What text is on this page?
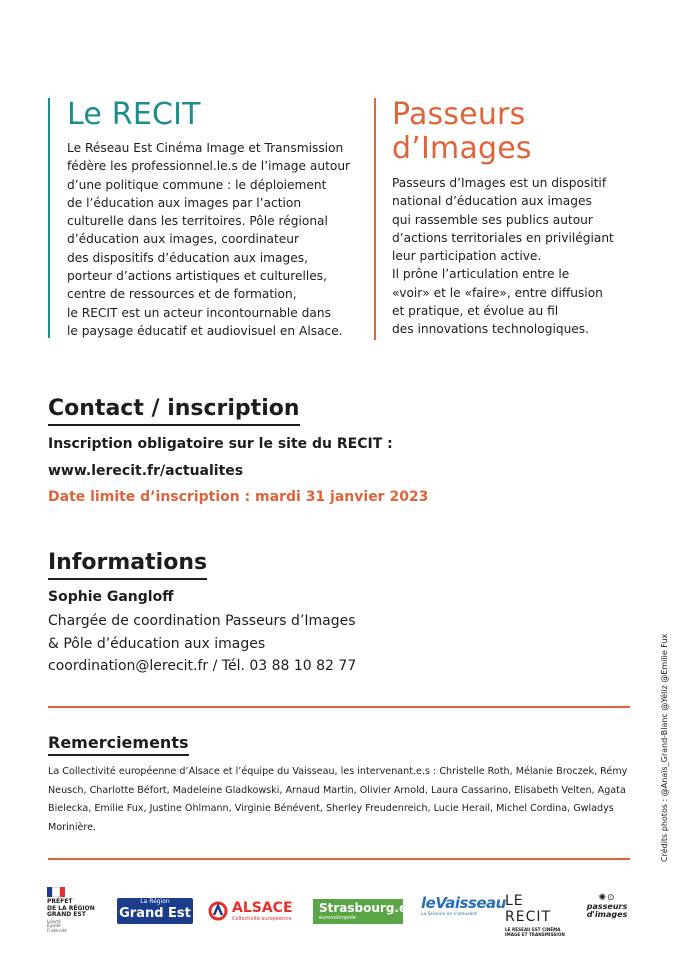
Le RECIT

Le Réseau Est Cinéma Image et Transmission
fédère les professionnel.le.s de l’image autour
d’une politique commune : le déploiement
de l’éducation aux images par l’action
culturelle dans les territoires. Pôle régional
d’éducation aux images, coordinateur
des dispositifs d’éducation aux images,
porteur d’actions artistiques et culturelles,
centre de ressources et de formation,
le RECIT est un acteur incontournable dans
le paysage éducatif et audiovisuel en Alsace.

Passeurs
d’Images

Passeurs d’Images est un dispositif
national d’éducation aux images
qui rassemble ses publics autour
d’actions territoriales en privilégiant
leur participation active.
Il prône l’articulation entre le
«voir» et le «faire», entre diffusion
et pratique, et évolue au fil
des innovations technologiques.

Contact / inscription
Inscription obligatoire sur le site du RECIT :
www.lerecit.fr/actualites
Date limite d’inscription : mardi 31 janvier 2023
Informations
Sophie Gangloff
Chargée de coordination Passeurs d’Images
& Pôle d’éducation aux images
coordination@lerecit.fr / Tél. 03 88 10 82 77
Remerciements

La Collectivité européenne d’Alsace et l’équipe du Vaisseau, les intervenant.e.s : Christelle Roth, Mélanie Broczek, Rémy Neusch, Charlotte Béfort, Madeleine Gladkowski, Arnaud Martin, Olivier Arnold, Laura Cassarino, Elisabeth Velten, Agata Bielecka, Emilie Fux, Justine Ohlmann, Virginie Bénévent, Sherley Freudenreich, Lucie Herail, Michel Cordina, Gwladys Morinière.	Crédits photos : @Anaïs_Grand-Blanc @Yéliz @Emilie Fux
PRÉFET
DE LA RÉGION
GRAND EST
Liberté
Égalité
Fraternité
La Région
Grand Est	ALSACE
Collectivité européenne
Strasbourg.eu
eurométropole
leVaisseau
La Science en s'amusant
LE RECIT
LE RÉSEAU EST CINÉMA
IMAGE ET TRANSMISSION
✺⊙
passeurs
d'images
